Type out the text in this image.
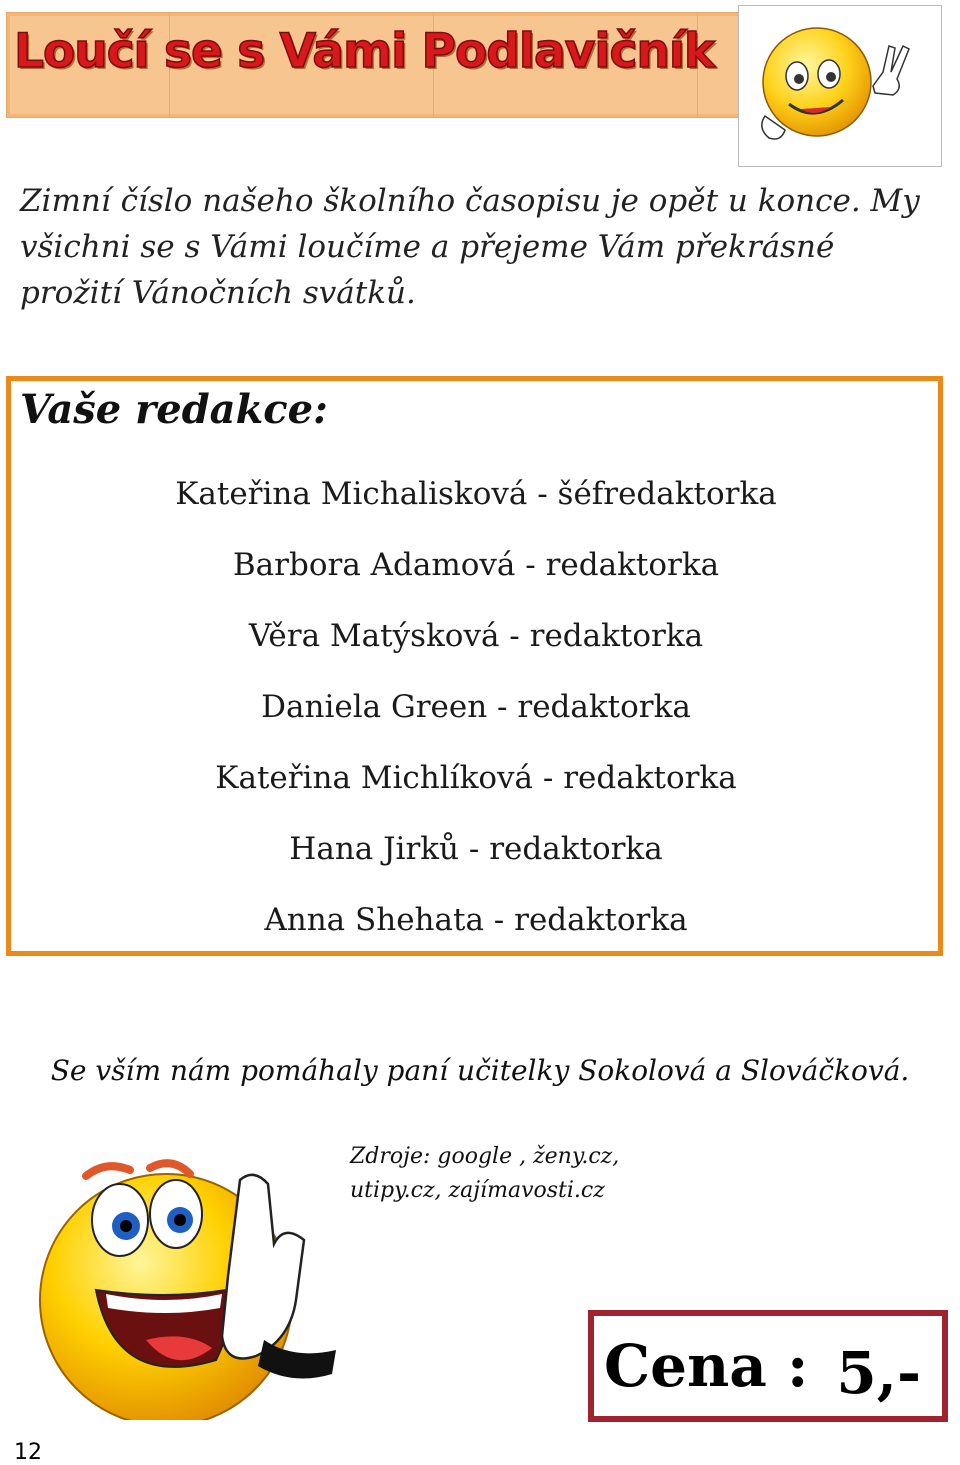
Loučí se s Vámi Podlavičník

Zimní číslo našeho školního časopisu je opět u konce. My všichni se s Vámi loučíme a přejeme Vám překrásné prožití Vánočních svátků.

Vaše redakce:
Kateřina Michalisková - šéfredaktorka
Barbora Adamová - redaktorka
Věra Matýsková - redaktorka
Daniela Green - redaktorka
Kateřina Michlíková - redaktorka
Hana Jirků - redaktorka
Anna Shehata - redaktorka

Se vším nám pomáhaly paní učitelky Sokolová a Slováčková.

Zdroje: google , ženy.cz,
utipy.cz, zajímavosti.cz
Cena : 5,-

12
